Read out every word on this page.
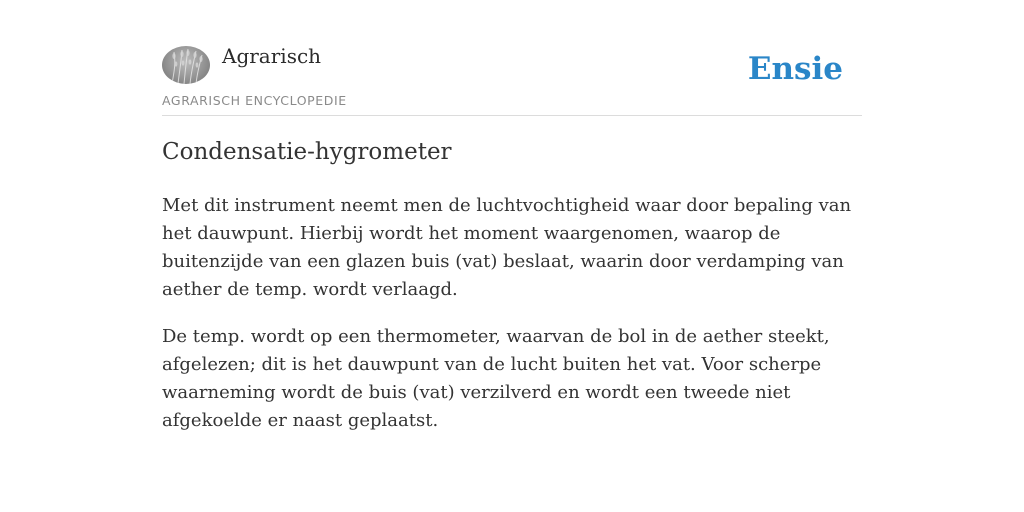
Agrarisch
AGRARISCH ENCYCLOPEDIE
Ensie
Condensatie-hygrometer

Met dit instrument neemt men de luchtvochtigheid waar door bepaling van het dauwpunt. Hierbij wordt het moment waargenomen, waarop de buitenzijde van een glazen buis (vat) beslaat, waarin door verdamping van aether de temp. wordt verlaagd.

De temp. wordt op een thermometer, waarvan de bol in de aether steekt, afgelezen; dit is het dauwpunt van de lucht buiten het vat. Voor scherpe waarneming wordt de buis (vat) verzilverd en wordt een tweede niet afgekoelde er naast geplaatst.
